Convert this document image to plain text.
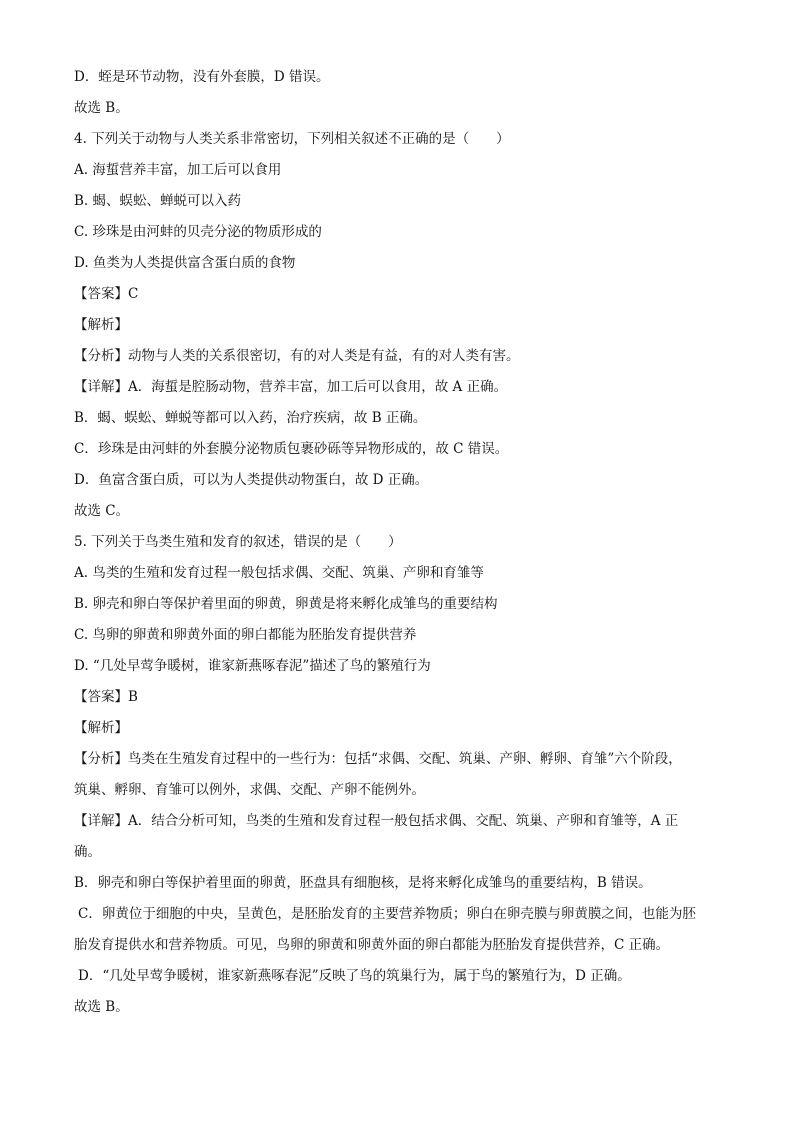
D．蛭是环节动物，没有外套膜，D 错误。

故选 B。

4. 下列关于动物与人类关系非常密切，下列相关叙述不正确的是（　　）

A. 海蜇营养丰富，加工后可以食用

B. 蝎、蜈蚣、蝉蜕可以入药

C. 珍珠是由河蚌的贝壳分泌的物质形成的

D. 鱼类为人类提供富含蛋白质的食物

【答案】C

【解析】

【分析】动物与人类的关系很密切，有的对人类是有益，有的对人类有害。

【详解】A．海蜇是腔肠动物，营养丰富，加工后可以食用，故 A 正确。

B．蝎、蜈蚣、蝉蜕等都可以入药，治疗疾病，故 B 正确。

C．珍珠是由河蚌的外套膜分泌物质包裹砂砾等异物形成的，故 C 错误。

D．鱼富含蛋白质，可以为人类提供动物蛋白，故 D 正确。

故选 C。

5. 下列关于鸟类生殖和发育的叙述，错误的是（　　）

A. 鸟类的生殖和发育过程一般包括求偶、交配、筑巢、产卵和育雏等

B. 卵壳和卵白等保护着里面的卵黄，卵黄是将来孵化成雏鸟的重要结构

C. 鸟卵的卵黄和卵黄外面的卵白都能为胚胎发育提供营养

D. “几处早莺争暖树，谁家新燕啄春泥”描述了鸟的繁殖行为

【答案】B

【解析】

【分析】鸟类在生殖发育过程中的一些行为：包括“求偶、交配、筑巢、产卵、孵卵、育雏”六个阶段，

筑巢、孵卵、育雏可以例外，求偶、交配、产卵不能例外。

【详解】A．结合分析可知，鸟类的生殖和发育过程一般包括求偶、交配、筑巢、产卵和育雏等，A 正

确。

B．卵壳和卵白等保护着里面的卵黄，胚盘具有细胞核，是将来孵化成雏鸟的重要结构，B 错误。

C．卵黄位于细胞的中央，呈黄色，是胚胎发育的主要营养物质；卵白在卵壳膜与卵黄膜之间，也能为胚

胎发育提供水和营养物质。可见，鸟卵的卵黄和卵黄外面的卵白都能为胚胎发育提供营养，C 正确。

D．“几处早莺争暖树，谁家新燕啄春泥”反映了鸟的筑巢行为，属于鸟的繁殖行为，D 正确。

故选 B。
